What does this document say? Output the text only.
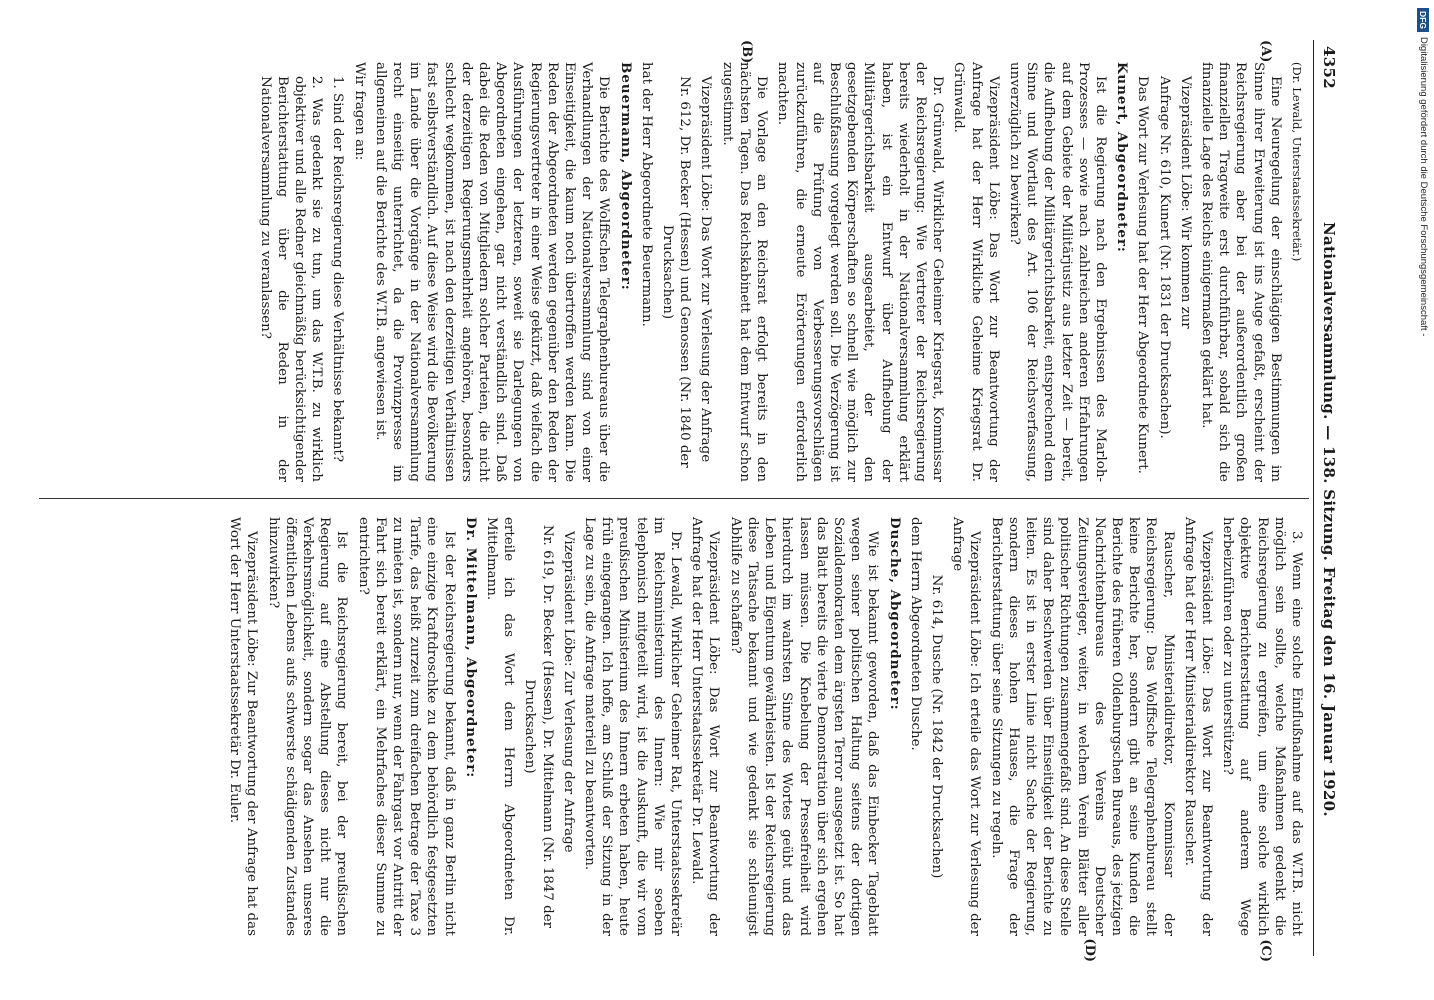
4352
Nationalversammlung. — 138. Sitzung. Freitag den 16. Januar 1920.
(A)
(B)
(C)
(D)

(Dr. Lewald, Unterstaatssekretär.)

Eine Neuregelung der einschlägigen Bestimmungen im Sinne ihrer Erweiterung ist ins Auge gefaßt, erscheint der Reichsregierung aber bei der außerordentlich großen finanziellen Tragweite erst durchführbar, sobald sich die finanzielle Lage des Reichs einigermaßen geklärt hat.

Vizepräsident Löbe: Wir kommen zur

Anfrage Nr. 610, Kunert (Nr. 1831 der Drucksachen).

Das Wort zur Verlesung hat der Herr Abgeordnete Kunert.

Kunert, Abgeordneter:

Ist die Regierung nach den Ergebnissen des Marloh-Prozesses — sowie nach zahlreichen anderen Erfahrungen auf dem Gebiete der Militärjustiz aus letzter Zeit — bereit, die Aufhebung der Militärgerichtsbarkeit, entsprechend dem Sinne und Wortlaut des Art. 106 der Reichsverfassung, unverzüglich zu bewirken?

Vizepräsident Löbe: Das Wort zur Beantwortung der Anfrage hat der Herr Wirkliche Geheime Kriegsrat Dr. Grünwald.

Dr. Grünwald, Wirklicher Geheimer Kriegsrat, Kommissar der Reichsregierung: Wie Vertreter der Reichsregierung bereits wiederholt in der Nationalversammlung erklärt haben, ist ein Entwurf über Aufhebung der Militärgerichtsbarkeit ausgearbeitet, der den gesetzgebenden Körperschaften so schnell wie möglich zur Beschlußfassung vorgelegt werden soll. Die Verzögerung ist auf die Prüfung von Verbesserungsvorschlägen zurückzuführen, die erneute Erörterungen erforderlich machten.

Die Vorlage an den Reichsrat erfolgt bereits in den nächsten Tagen. Das Reichskabinett hat dem Entwurf schon zugestimmt.

Vizepräsident Löbe: Das Wort zur Verlesung der Anfrage

Nr. 612, Dr. Becker (Hessen) und Genossen (Nr. 1840 der Drucksachen)

hat der Herr Abgeordnete Beuermann.

Beuermann, Abgeordneter:

Die Berichte des Wolffschen Telegraphenbureaus über die Verhandlungen der Nationalversammlung sind von einer Einseitigkeit, die kaum noch übertroffen werden kann. Die Reden der Abgeordneten werden gegenüber den Reden der Regierungsvertreter in einer Weise gekürzt, daß vielfach die Ausführungen der letzteren, soweit sie Darlegungen von Abgeordneten eingehen, gar nicht verständlich sind. Daß dabei die Reden von Mitgliedern solcher Parteien, die nicht der derzeitigen Regierungsmehrheit angehören, besonders schlecht wegkommen, ist nach den derzeitigen Verhältnissen fast selbstverständlich. Auf diese Weise wird die Bevölkerung im Lande über die Vorgänge in der Nationalversammlung recht einseitig unterrichtet, da die Provinzpresse im allgemeinen auf die Berichte des W.T.B. angewiesen ist.

Wir fragen an:

1. Sind der Reichsregierung diese Verhältnisse bekannt?

2. Was gedenkt sie zu tun, um das W.T.B. zu wirklich objektiver und alle Redner gleichmäßig berücksichtigender Berichterstattung über die Reden in der Nationalversammlung zu veranlassen?

3. Wenn eine solche Einflußnahme auf das W.T.B. nicht möglich sein sollte, welche Maßnahmen gedenkt die Reichsregierung zu ergreifen, um eine solche wirklich objektive Berichterstattung auf anderem Wege herbeizuführen oder zu unterstützen?

Vizepräsident Löbe: Das Wort zur Beantwortung der Anfrage hat der Herr Ministerialdirektor Rauscher.

Rauscher, Ministerialdirektor, Kommissar der Reichsregierung: Das Wolffsche Telegraphenbureau stellt keine Berichte her, sondern gibt an seine Kunden die Berichte des früheren Oldenburgschen Bureaus, des jetzigen Nachrichtenbureaus des Vereins Deutscher Zeitungsverleger, weiter, in welchem Verein Blätter aller politischer Richtungen zusammengefaßt sind. An diese Stelle sind daher Beschwerden über Einseitigkeit der Berichte zu leiten. Es ist in erster Linie nicht Sache der Regierung, sondern dieses hohen Hauses, die Frage der Berichterstattung über seine Sitzungen zu regeln.

Vizepräsident Löbe: Ich erteile das Wort zur Verlesung der Anfrage

Nr. 614, Dusche (Nr. 1842 der Drucksachen)

dem Herrn Abgeordneten Dusche.

Dusche, Abgeordneter:

Wie ist bekannt geworden, daß das Einbecker Tageblatt wegen seiner politischen Haltung seitens der dortigen Sozialdemokraten dem ärgsten Terror ausgesetzt ist. So hat das Blatt bereits die vierte Demonstration über sich ergehen lassen müssen. Die Knebelung der Pressefreiheit wird hierdurch im wahrsten Sinne des Wortes geübt und das Leben und Eigentum gewährleisten. Ist der Reichsregierung diese Tatsache bekannt und wie gedenkt sie schleunigst Abhilfe zu schaffen?

Vizepräsident Löbe: Das Wort zur Beantwortung der Anfrage hat der Herr Unterstaatssekretär Dr. Lewald.

Dr. Lewald, Wirklicher Geheimer Rat, Unterstaatssekretär im Reichsministerium des Innern: Wie mir soeben telephonisch mitgeteilt wird, ist die Auskunft, die wir vom preußischen Ministerium des Innern erbeten haben, heute früh eingegangen. Ich hoffe, am Schluß der Sitzung in der Lage zu sein, die Anfrage materiell zu beantworten.

Vizepräsident Löbe: Zur Verlesung der Anfrage

Nr. 619, Dr. Becker (Hessen), Dr. Mittelmann (Nr. 1847 der Drucksachen)

erteile ich das Wort dem Herrn Abgeordneten Dr. Mittelmann.

Dr. Mittelmann, Abgeordneter:

Ist der Reichsregierung bekannt, daß in ganz Berlin nicht eine einzige Kraftdroschke zu dem behördlich festgesetzten Tarife, das heißt zurzeit zum dreifachen Betrage der Taxe 3 zu mieten ist, sondern nur, wenn der Fahrgast vor Antritt der Fahrt sich bereit erklärt, ein Mehrfaches dieser Summe zu entrichten?

Ist die Reichsregierung bereit, bei der preußischen Regierung auf eine Abstellung dieses nicht nur die Verkehrsmöglichkeit, sondern sogar das Ansehen unseres öffentlichen Lebens aufs schwerste schädigenden Zustandes hinzuwirken?

Vizepräsident Löbe: Zur Beantwortung der Anfrage hat das Wort der Herr Unterstaatssekretär Dr. Euler.

DFG
Digitalisierung gefördert durch die Deutsche Forschungsgemeinschaft -
